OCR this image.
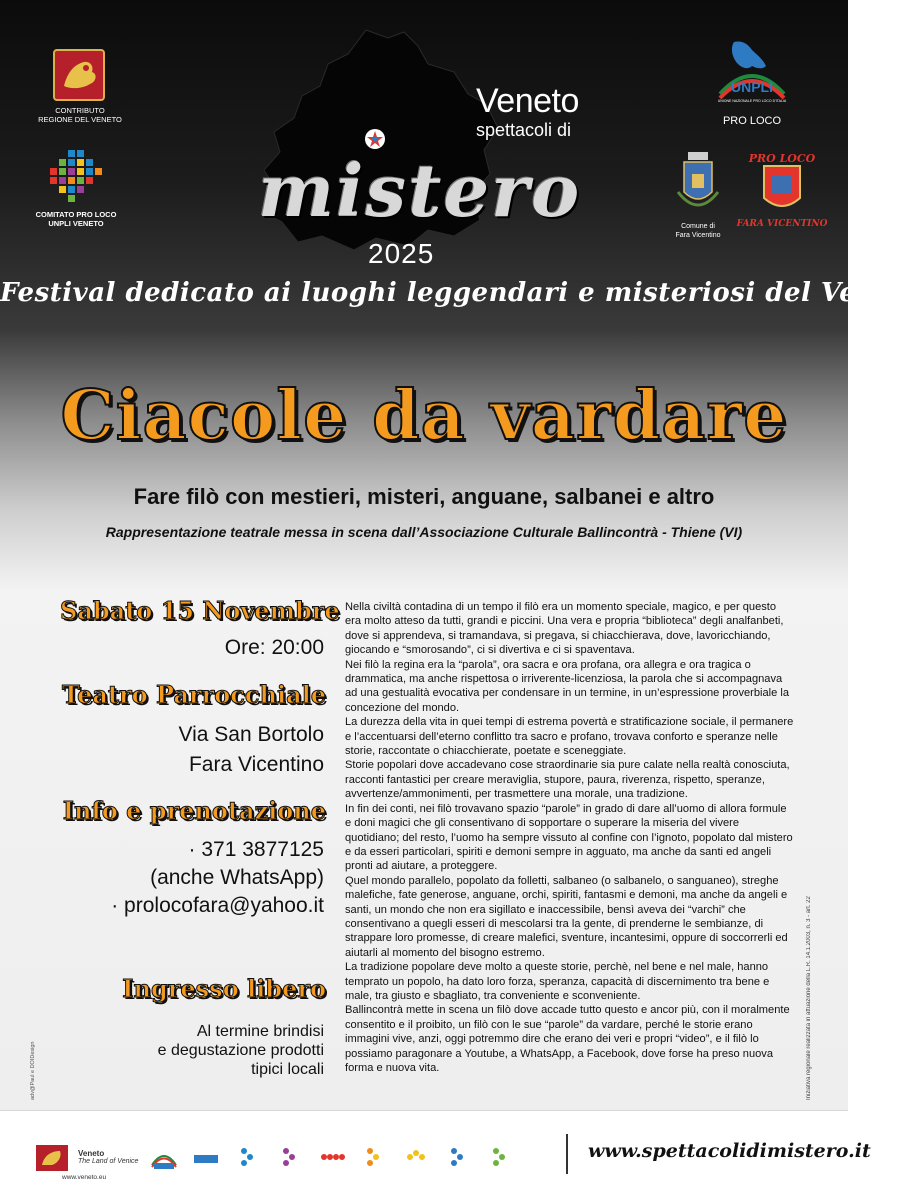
CONTRIBUTO
REGIONE DEL VENETO
COMITATO PRO LOCO
UNPLI VENETO
UNPLI
UNIONE NAZIONALE PRO LOCO D'ITALIA
PRO LOCO
Comune di
Fara Vicentino
PRO LOCO
FARA VICENTINO
Veneto
spettacoli di
mistero
2025
Festival dedicato ai luoghi leggendari e misteriosi del Veneto
Ciacole da vardare
Fare filò con mestieri, misteri, anguane, salbanei e altro
Rappresentazione teatrale messa in scena dall’Associazione Culturale Ballincontrà - Thiene (VI)
Sabato 15 Novembre
Ore: 20:00
Teatro Parrocchiale
Via San Bortolo
Fara Vicentino
Info e prenotazione
· 371 3877125
(anche WhatsApp)
· prolocofara@yahoo.it
Ingresso libero
Al termine brindisi
e degustazione prodotti
tipici locali
adv@Paul e DOIDesign

Nella civiltà contadina di un tempo il filò era un momento speciale, magico, e per questo era molto atteso da tutti, grandi e piccini. Una vera e propria “biblioteca” degli analfanbeti, dove si apprendeva, si tramandava, si pregava, si chiacchierava, dove, lavoricchiando, giocando e “smorosando”, ci si divertiva e ci si spaventava.

Nei filò la regina era la “parola”, ora sacra e ora profana, ora allegra e ora tragica o drammatica, ma anche rispettosa o irriverente-licenziosa, la parola che si accompagnava ad una gestualità evocativa per condensare in un termine, in un’espressione proverbiale la concezione del mondo.

La durezza della vita in quei tempi di estrema povertà e stratificazione sociale, il permanere e l’accentuarsi dell’eterno conflitto tra sacro e profano, trovava conforto e speranze nelle storie, raccontate o chiacchierate, poetate e sceneggiate.

Storie popolari dove accadevano cose straordinarie sia pure calate nella realtà conosciuta, racconti fantastici per creare meraviglia, stupore, paura, riverenza, rispetto, speranze, avvertenze/ammonimenti, per trasmettere una morale, una tradizione.

In fin dei conti, nei filò trovavano spazio “parole” in grado di dare all’uomo di allora formule e doni magici che gli consentivano di sopportare o superare la miseria del vivere quotidiano; del resto, l’uomo ha sempre vissuto al confine con l’ignoto, popolato dal mistero e da esseri particolari, spiriti e demoni sempre in agguato, ma anche da santi ed angeli pronti ad aiutare, a proteggere.

Quel mondo parallelo, popolato da folletti, salbaneo (o salbanelo, o sanguaneo), streghe malefiche, fate generose, anguane, orchi, spiriti, fantasmi e demoni, ma anche da angeli e santi, un mondo che non era sigillato e inaccessibile, bensì aveva dei “varchi” che consentivano a quegli esseri di mescolarsi tra la gente, di prenderne le sembianze, di strappare loro promesse, di creare malefici, sventure, incantesimi, oppure di soccorrerli ed aiutarli al momento del bisogno estremo.

La tradizione popolare deve molto a queste storie, perchè, nel bene e nel male, hanno temprato un popolo, ha dato loro forza, speranza, capacità di discernimento tra bene e male, tra giusto e sbagliato, tra conveniente e sconveniente.

Ballincontrà mette in scena un filò dove accade tutto questo e ancor più, con il moralmente consentito e il proibito, un filò con le sue “parole” da vardare, perché le storie erano immagini vive, anzi, oggi potremmo dire che erano dei veri e propri “video”, e il filò lo possiamo paragonare a Youtube, a WhatsApp, a Facebook, dove forse ha preso nuova forma e nuova vita.	Iniziativa regionale realizzata in attuazione della L.R. 14.1.2003, n. 3 - art. 22
Veneto
The Land of Venice
www.veneto.eu
www.spettacolidimistero.it
